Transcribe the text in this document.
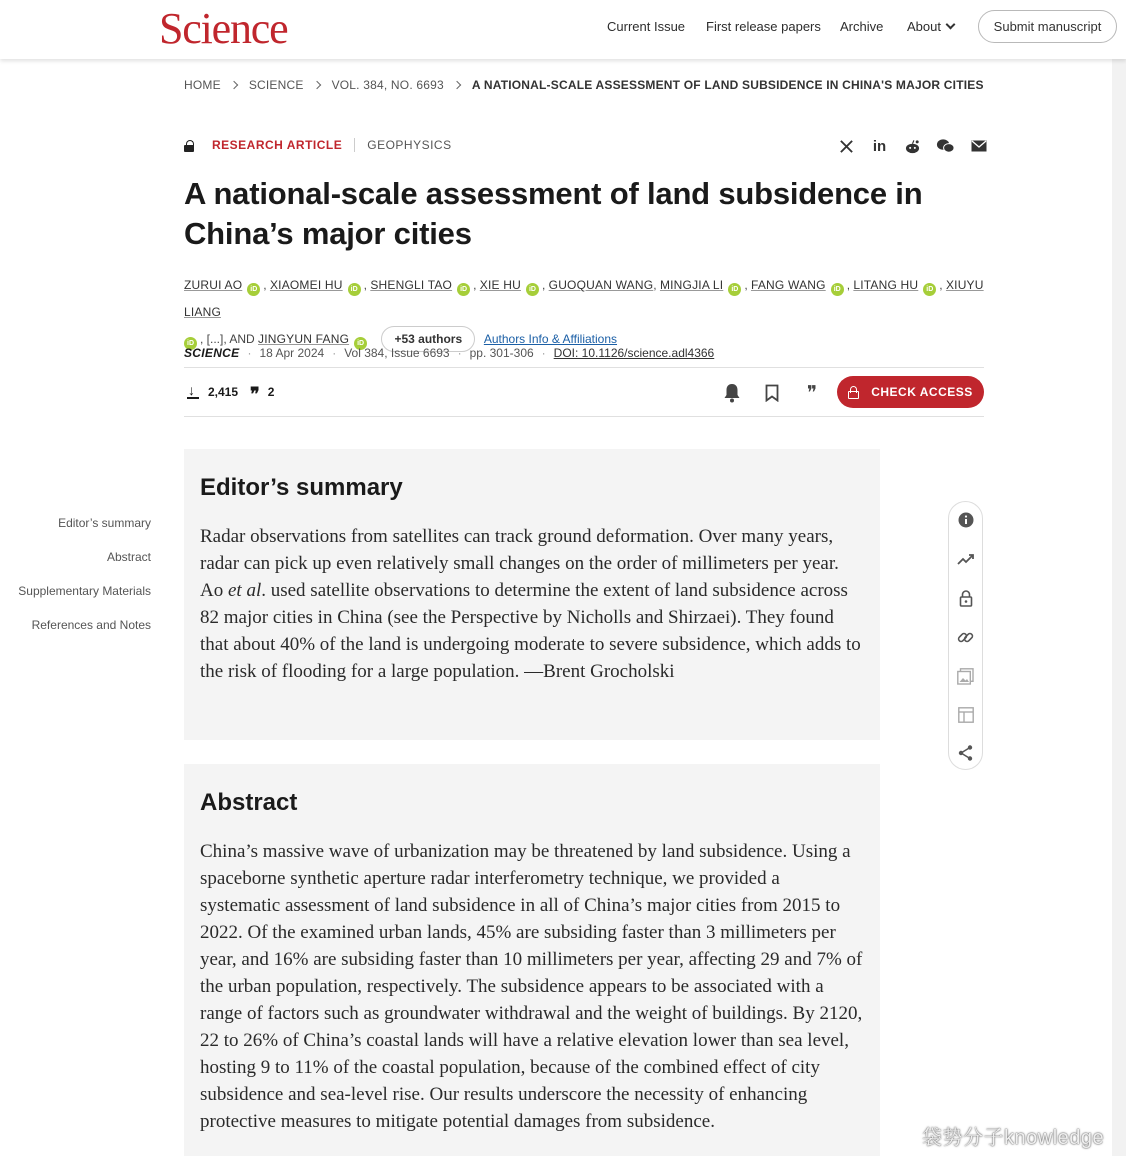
Science	Current Issue First release papers Archive About	Submit manuscript
HOME SCIENCE VOL. 384, NO. 6693 A NATIONAL-SCALE ASSESSMENT OF LAND SUBSIDENCE IN CHINA'S MAJOR CITIES
RESEARCH ARTICLE	GEOPHYSICS	in
A national-scale assessment of land subsidence in China’s major cities
ZURUI AO iD , XIAOMEI HU iD , SHENGLI TAO iD , XIE HU iD , GUOQUAN WANG, MINGJIA LI iD , FANG WANG iD , LITANG HU iD , XIUYU LIANG
iD , [...], AND JINGYUN FANG iD	+53 authors Authors Info & Affiliations
SCIENCE · 18 Apr 2024 · Vol 384, Issue 6693 · pp. 301-306 · DOI: 10.1126/science.adl4366
↓
2,415 ❞ 2	❞	CHECK ACCESS
Editor’s summary
Abstract
Supplementary Materials
References and Notes
Editor’s summary

Radar observations from satellites can track ground deformation. Over many years, radar can pick up even relatively small changes on the order of millimeters per year. Ao et al. used satellite observations to determine the extent of land subsidence across 82 major cities in China (see the Perspective by Nicholls and Shirzaei). They found that about 40% of the land is undergoing moderate to severe subsidence, which adds to the risk of flooding for a large population. —Brent Grocholski

Abstract

China’s massive wave of urbanization may be threatened by land subsidence. Using a spaceborne synthetic aperture radar interferometry technique, we provided a systematic assessment of land subsidence in all of China’s major cities from 2015 to 2022. Of the examined urban lands, 45% are subsiding faster than 3 millimeters per year, and 16% are subsiding faster than 10 millimeters per year, affecting 29 and 7% of the urban population, respectively. The subsidence appears to be associated with a range of factors such as groundwater withdrawal and the weight of buildings. By 2120, 22 to 26% of China’s coastal lands will have a relative elevation lower than sea level, hosting 9 to 11% of the coastal population, because of the combined effect of city subsidence and sea-level rise. Our results underscore the necessity of enhancing protective measures to mitigate potential damages from subsidence.

袋势分子knowledge
